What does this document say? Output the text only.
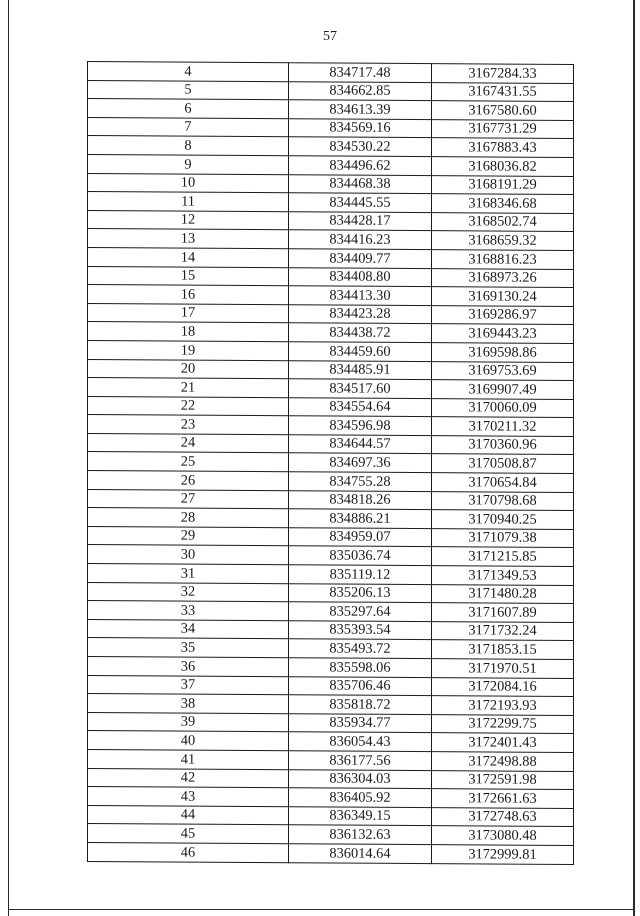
57
4	834717.48	3167284.33
5	834662.85	3167431.55
6	834613.39	3167580.60
7	834569.16	3167731.29
8	834530.22	3167883.43
9	834496.62	3168036.82
10	834468.38	3168191.29
11	834445.55	3168346.68
12	834428.17	3168502.74
13	834416.23	3168659.32
14	834409.77	3168816.23
15	834408.80	3168973.26
16	834413.30	3169130.24
17	834423.28	3169286.97
18	834438.72	3169443.23
19	834459.60	3169598.86
20	834485.91	3169753.69
21	834517.60	3169907.49
22	834554.64	3170060.09
23	834596.98	3170211.32
24	834644.57	3170360.96
25	834697.36	3170508.87
26	834755.28	3170654.84
27	834818.26	3170798.68
28	834886.21	3170940.25
29	834959.07	3171079.38
30	835036.74	3171215.85
31	835119.12	3171349.53
32	835206.13	3171480.28
33	835297.64	3171607.89
34	835393.54	3171732.24
35	835493.72	3171853.15
36	835598.06	3171970.51
37	835706.46	3172084.16
38	835818.72	3172193.93
39	835934.77	3172299.75
40	836054.43	3172401.43
41	836177.56	3172498.88
42	836304.03	3172591.98
43	836405.92	3172661.63
44	836349.15	3172748.63
45	836132.63	3173080.48
46	836014.64	3172999.81
